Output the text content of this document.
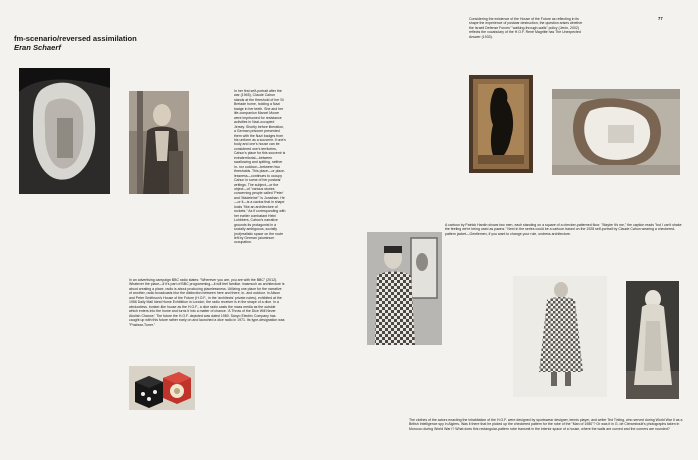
77
fm-scenario/reversed assimilation
Eran Schaerf
Considering the existence of the House of the Future as reflecting in its shape the experience of postwar destruction, the question arises whether the Israeli Defense Forces' "walking-through-walls" policy (Jenin, 2002) reflects the vocabulary of the H.O.F. René Magritte has The Unexpected Answer (1933).
In her first self-portrait after the war (1945), Claude Cahun stands at the threshold of her St Brelade home, holding a Nazi badge in her teeth. She and her life-companion Marcel Moore were imprisoned for resistance activities in Nazi-occupied Jersey. Shortly before liberation, a German prisoner presented them with the Nazi badges from his uniform as a souvenir. If one's body and one's house can be considered one's territories, Cahun's place for this souvenir is extraterritorial—between swallowing and spitting, neither in- nor outdoor—between two thresholds. This place—or place-lessness—continues to occupy Cahun in some of her postwar writings. The subject—or the object—of "various stories concerning people called 'Peter' and 'Madeleine'" is Jonathan. He—or it—is a cactus that in shape looks "like an architecture of rockets." As if corresponding with her earlier combatant Heini Lohbbers, Cahun's narrative grounds its protagonist in a socially ambiguous, socially (not)realistic space on the route left by German (aluminum occupation.
In an advertising campaign BBC radio states: "Wherever you are, you are with the BBC" (2012). Whatever the place—if it's part of BBC programming—it will feel familiar. Inasmuch as architecture is about creating a place, radio is about producing placelessness. Utilizing one place for the narrative of another, radio broadcasts blur the distinction between here and there, in- and outdoor. In Alison and Peter Smithson's House of the Future (H.O.F., in the 'architects' private notes), exhibited at the 1956 Daily Mail Ideal Home Exhibition in London, the radio receiver is in the shape of a dice. In a windowless, bunker-like house as the H.O.F., a dice radio casts the mass media as the outside which enters into the home and turns it into a matter of chance. 'A Throw of the Dice Will Never Abolish Chance.' The future the H.O.F. depicted was dated 1980. Sanyo Electric Company has caught up with this future rather early on and launched a dice radio in 1971. Its type-designation was "Postwar-Tuner."
A cartoon by Patrick Hardin shows two men, each standing on a square of a checker-patterned floor. "Maybe it's me," the caption reads "but I can't shake the feeling we're being used as pawns." Next in the series could be a cartoon based on the 1928 self-portrait by Claude Cahun wearing a checkered-pattern jacket—Gentlemen, if you want to change your role, undress architecture.
The clothes of the actors enacting the inhabitation of the H.O.F. were designed by sportswear designer, tennis player, and writer Ted Tinling, who served during World War II as a British Intelligence spy in Algiers. Was it there that he picked up the checkered pattern for the robe of the "Man of 1980"? Or was it in G. de Cleramboult's photographs taken in Morocco during World War I? What does this rectangular-pattern robe transmit in the interior space of a house, where the walls are curved and the corners are rounded?
